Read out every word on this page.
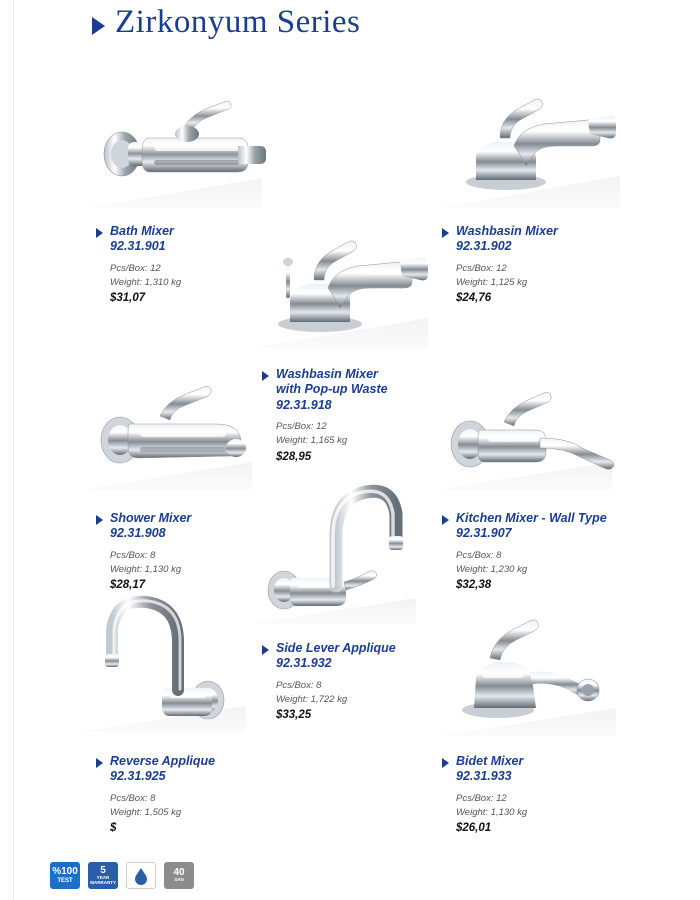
Zirkonyum Series
Bath Mixer
92.31.901
Pcs/Box: 12
Weight: 1,310 kg
$31,07
Washbasin Mixer
92.31.902
Pcs/Box: 12
Weight: 1,125 kg
$24,76
Washbasin Mixer
with Pop-up Waste
92.31.918
Pcs/Box: 12
Weight: 1,165 kg
$28,95
Shower Mixer
92.31.908
Pcs/Box: 8
Weight: 1,130 kg
$28,17
Kitchen Mixer - Wall Type
92.31.907
Pcs/Box: 8
Weight: 1,230 kg
$32,38
Side Lever Applique
92.31.932
Pcs/Box: 8
Weight: 1,722 kg
$33,25
Reverse Applique
92.31.925
Pcs/Box: 8
Weight: 1,505 kg
$
Bidet Mixer
92.31.933
Pcs/Box: 12
Weight: 1,130 kg
$26,01
%100
TEST
5
YEAR WARRANTY
40
SAN
